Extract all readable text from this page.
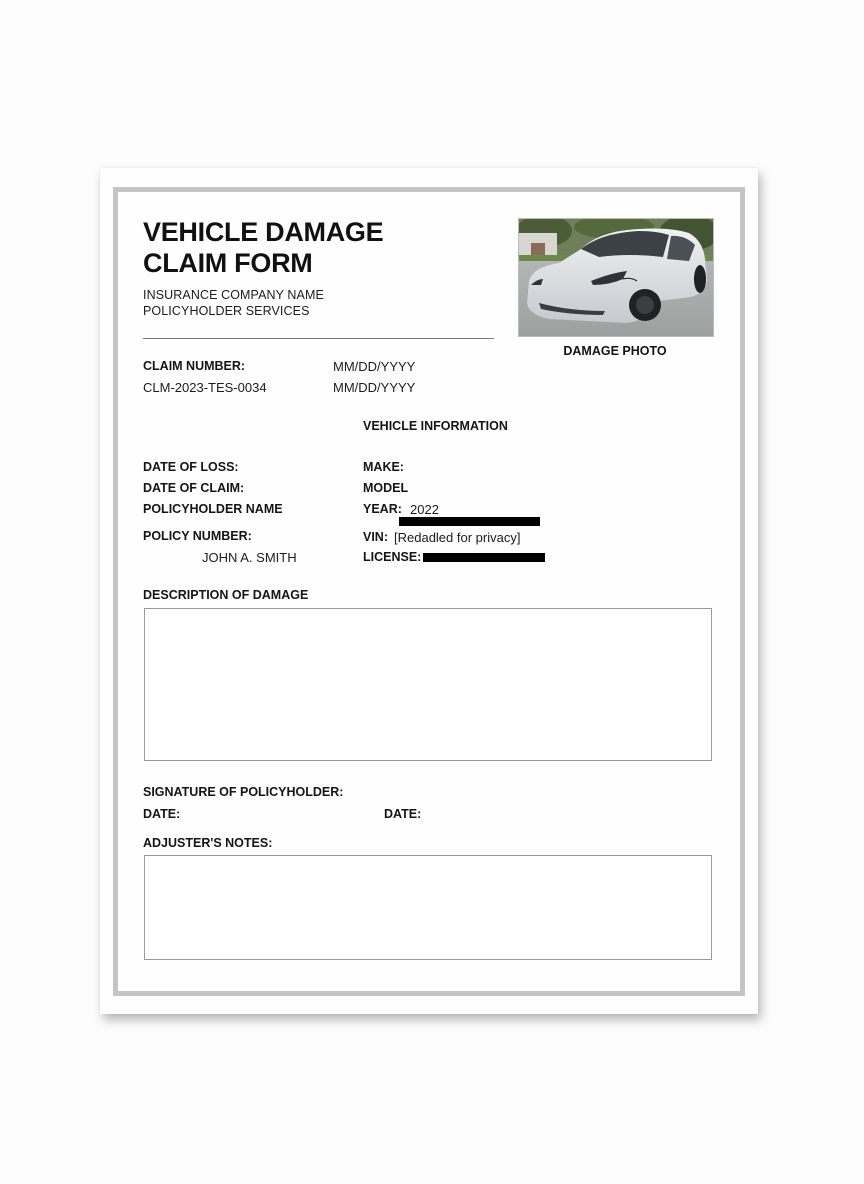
VEHICLE DAMAGE
CLAIM FORM
INSURANCE COMPANY NAME
POLICYHOLDER SERVICES
DAMAGE PHOTO
CLAIM NUMBER:
CLM-2023-TES-0034
MM/DD/YYYY
MM/DD/YYYY
VEHICLE INFORMATION
DATE OF LOSS:
DATE OF CLAIM:
POLICYHOLDER NAME
POLICY NUMBER:
JOHN A. SMITH
MAKE:
MODEL
YEAR: 2022
VIN: [Redadled for privacy]
LICENSE:
DESCRIPTION OF DAMAGE
SIGNATURE OF POLICYHOLDER:
DATE:	DATE:
ADJUSTER'S NOTES:
